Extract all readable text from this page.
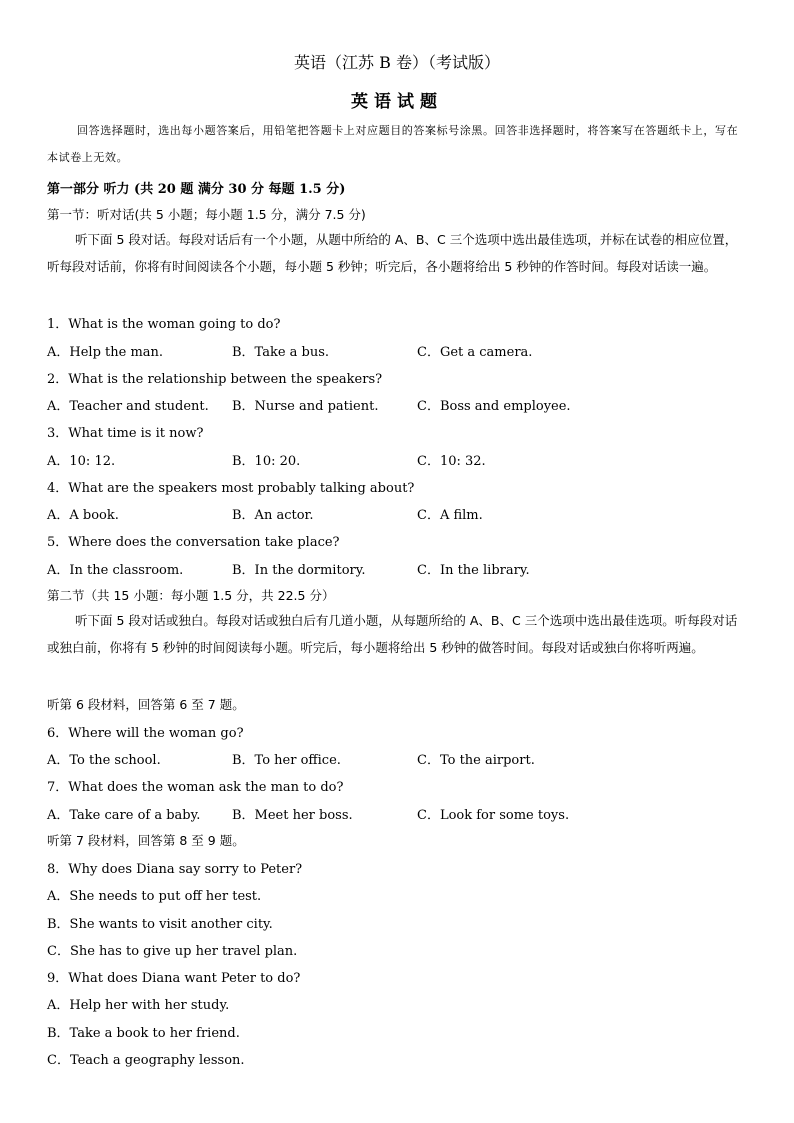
英语（江苏 B 卷）（考试版）
英语试题
回答选择题时，选出每小题答案后，用铅笔把答题卡上对应题目的答案标号涂黑。回答非选择题时，将答案写在答题纸卡上，写在本试卷上无效。
第一部分 听力 (共 20 题 满分 30 分 每题 1.5 分)
第一节：听对话(共 5 小题；每小题 1.5 分，满分 7.5 分)
听下面 5 段对话。每段对话后有一个小题，从题中所给的 A、B、C 三个选项中选出最佳选项，并标在试卷的相应位置，听每段对话前，你将有时间阅读各个小题，每小题 5 秒钟；听完后，各小题将给出 5 秒钟的作答时间。每段对话读一遍。
1．What is the woman going to do?
A．Help the man.	B．Take a bus.	C．Get a camera.
2．What is the relationship between the speakers?
A．Teacher and student. B．Nurse and patient.	C．Boss and employee.
3．What time is it now?
A．10: 12.	B．10: 20.	C．10: 32.
4．What are the speakers most probably talking about?
A．A book.	B．An actor.	C．A film.
5．Where does the conversation take place?
A．In the classroom.	B．In the dormitory.	C．In the library.
第二节（共 15 小题：每小题 1.5 分，共 22.5 分）
听下面 5 段对话或独白。每段对话或独白后有几道小题，从每题所给的 A、B、C 三个选项中选出最佳选项。听每段对话或独白前，你将有 5 秒钟的时间阅读每小题。听完后，每小题将给出 5 秒钟的做答时间。每段对话或独白你将听两遍。
听第 6 段材料，回答第 6 至 7 题。
6．Where will the woman go?
A．To the school.	B．To her office.	C．To the airport.
7．What does the woman ask the man to do?
A．Take care of a baby. B．Meet her boss.	C．Look for some toys.
听第 7 段材料，回答第 8 至 9 题。
8．Why does Diana say sorry to Peter?
A．She needs to put off her test.
B．She wants to visit another city.
C．She has to give up her travel plan.
9．What does Diana want Peter to do?
A．Help her with her study.
B．Take a book to her friend.
C．Teach a geography lesson.
